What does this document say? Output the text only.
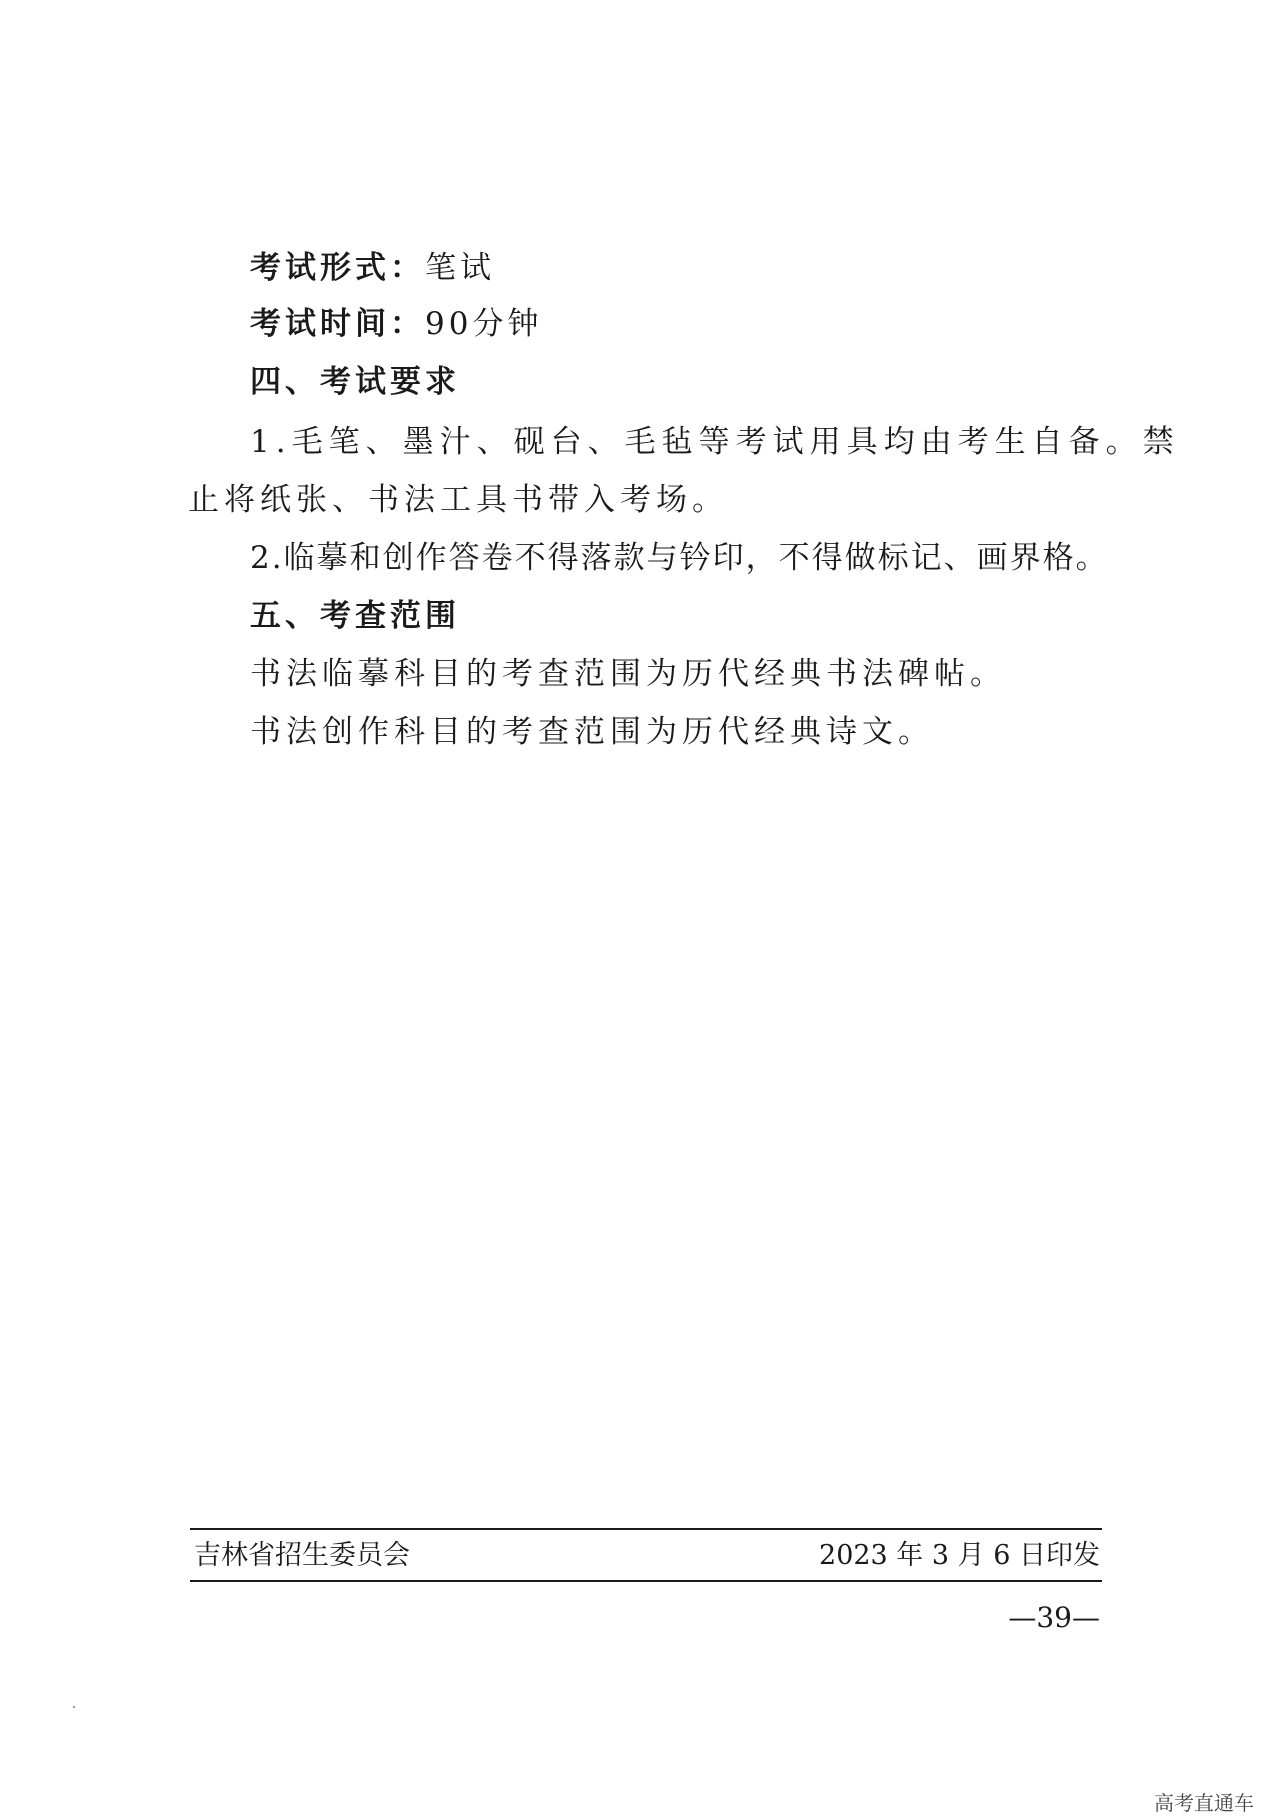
考试形式：笔试
考试时间：90分钟
四、考试要求
1.毛笔、墨汁、砚台、毛毡等考试用具均由考生自备。禁
止将纸张、书法工具书带入考场。
2.临摹和创作答卷不得落款与钤印，不得做标记、画界格。
五、考查范围
书法临摹科目的考查范围为历代经典书法碑帖。
书法创作科目的考查范围为历代经典诗文。
吉林省招生委员会	2023 年 3 月 6 日印发
—39—
高考直通车
